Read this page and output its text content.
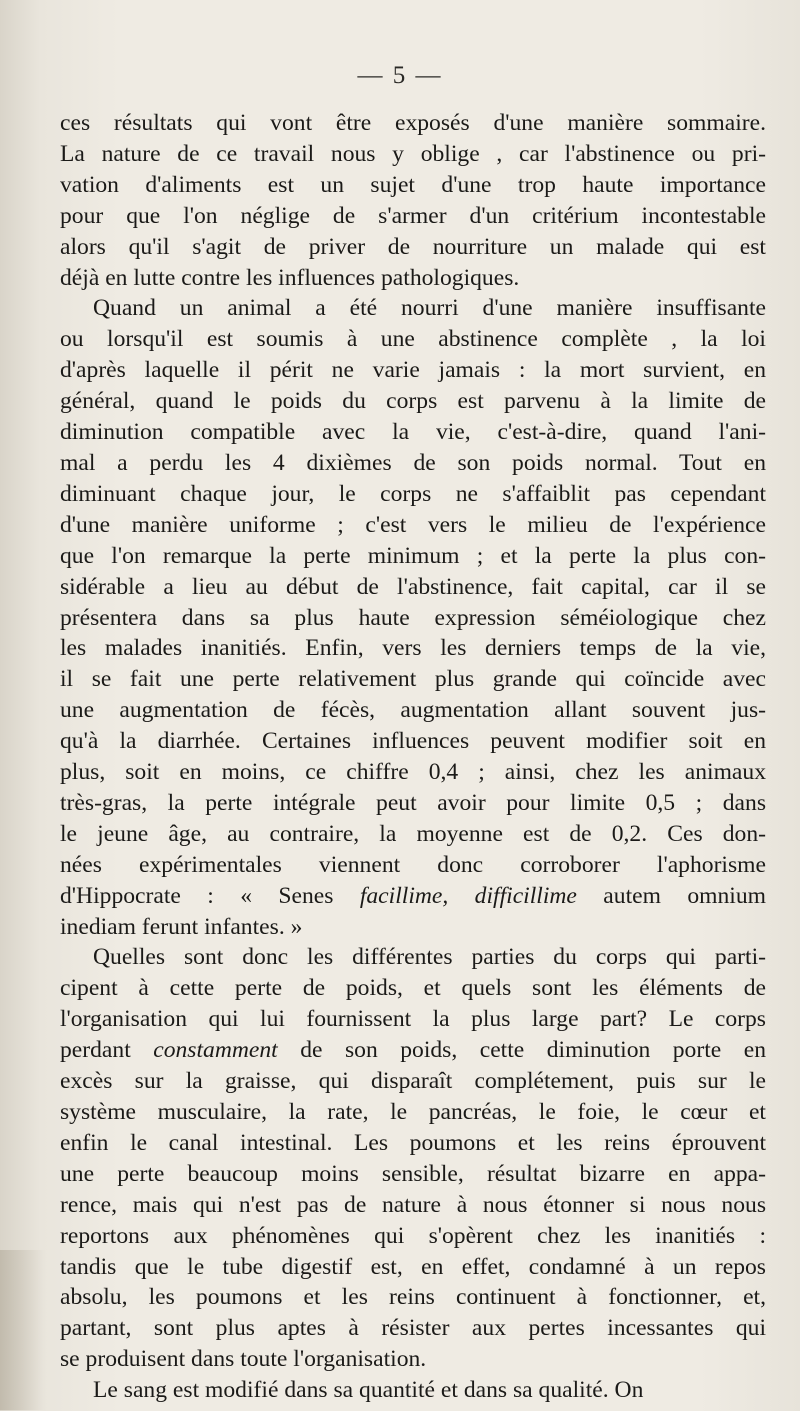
— 5 —
ces résultats qui vont être exposés d'une manière sommaire.
La nature de ce travail nous y oblige , car l'abstinence ou pri-
vation d'aliments est un sujet d'une trop haute importance
pour que l'on néglige de s'armer d'un critérium incontestable
alors qu'il s'agit de priver de nourriture un malade qui est
déjà en lutte contre les influences pathologiques.
Quand un animal a été nourri d'une manière insuffisante
ou lorsqu'il est soumis à une abstinence complète , la loi
d'après laquelle il périt ne varie jamais : la mort survient, en
général, quand le poids du corps est parvenu à la limite de
diminution compatible avec la vie, c'est-à-dire, quand l'ani-
mal a perdu les 4 dixièmes de son poids normal. Tout en
diminuant chaque jour, le corps ne s'affaiblit pas cependant
d'une manière uniforme ; c'est vers le milieu de l'expérience
que l'on remarque la perte minimum ; et la perte la plus con-
sidérable a lieu au début de l'abstinence, fait capital, car il se
présentera dans sa plus haute expression séméiologique chez
les malades inanitiés. Enfin, vers les derniers temps de la vie,
il se fait une perte relativement plus grande qui coïncide avec
une augmentation de fécès, augmentation allant souvent jus-
qu'à la diarrhée. Certaines influences peuvent modifier soit en
plus, soit en moins, ce chiffre 0,4 ; ainsi, chez les animaux
très-gras, la perte intégrale peut avoir pour limite 0,5 ; dans
le jeune âge, au contraire, la moyenne est de 0,2. Ces don-
nées expérimentales viennent donc corroborer l'aphorisme
d'Hippocrate : « Senes facillime, difficillime autem omnium
inediam ferunt infantes. »
Quelles sont donc les différentes parties du corps qui parti-
cipent à cette perte de poids, et quels sont les éléments de
l'organisation qui lui fournissent la plus large part? Le corps
perdant constamment de son poids, cette diminution porte en
excès sur la graisse, qui disparaît complétement, puis sur le
système musculaire, la rate, le pancréas, le foie, le cœur et
enfin le canal intestinal. Les poumons et les reins éprouvent
une perte beaucoup moins sensible, résultat bizarre en appa-
rence, mais qui n'est pas de nature à nous étonner si nous nous
reportons aux phénomènes qui s'opèrent chez les inanitiés :
tandis que le tube digestif est, en effet, condamné à un repos
absolu, les poumons et les reins continuent à fonctionner, et,
partant, sont plus aptes à résister aux pertes incessantes qui
se produisent dans toute l'organisation.
Le sang est modifié dans sa quantité et dans sa qualité. On
